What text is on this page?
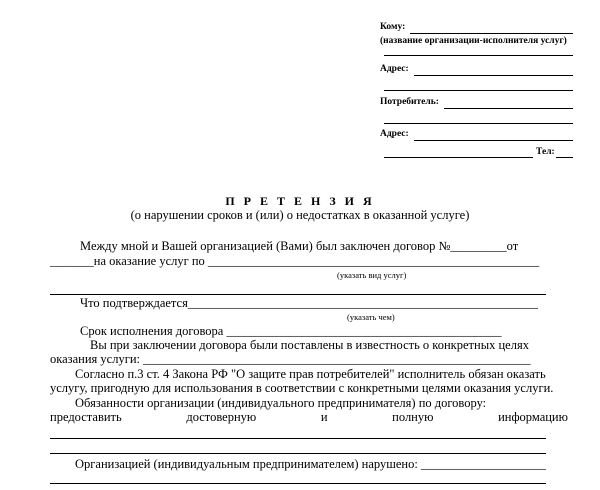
Кому:
(название организации-исполнителя услуг)
Адрес:
Потребитель:
Адрес:
Тел:
П Р Е Т Е Н З И Я
(о нарушении сроков и (или) о недостатках в оказанной услуге)
Между мной и Вашей организацией (Вами) был заключен договор №_________от
_______на оказание услуг по _____________________________________________________
(указать вид услуг)
Что подтверждается________________________________________________________
(указать чем)
Срок исполнения договора ____________________________________________
Вы при заключении договора были поставлены в известность о конкретных целях
оказания услуги: ______________________________________________________________
Согласно п.3 ст. 4 Закона РФ "О защите прав потребителей" исполнитель обязан оказать
услугу, пригодную для использования в соответствии с конкретными целями оказания услуги.
Обязанности организации (индивидуального предпринимателя) по договору:
предоставить	достоверную	и	полную	информацию
Организацией (индивидуальным предпринимателем) нарушено: ____________________
